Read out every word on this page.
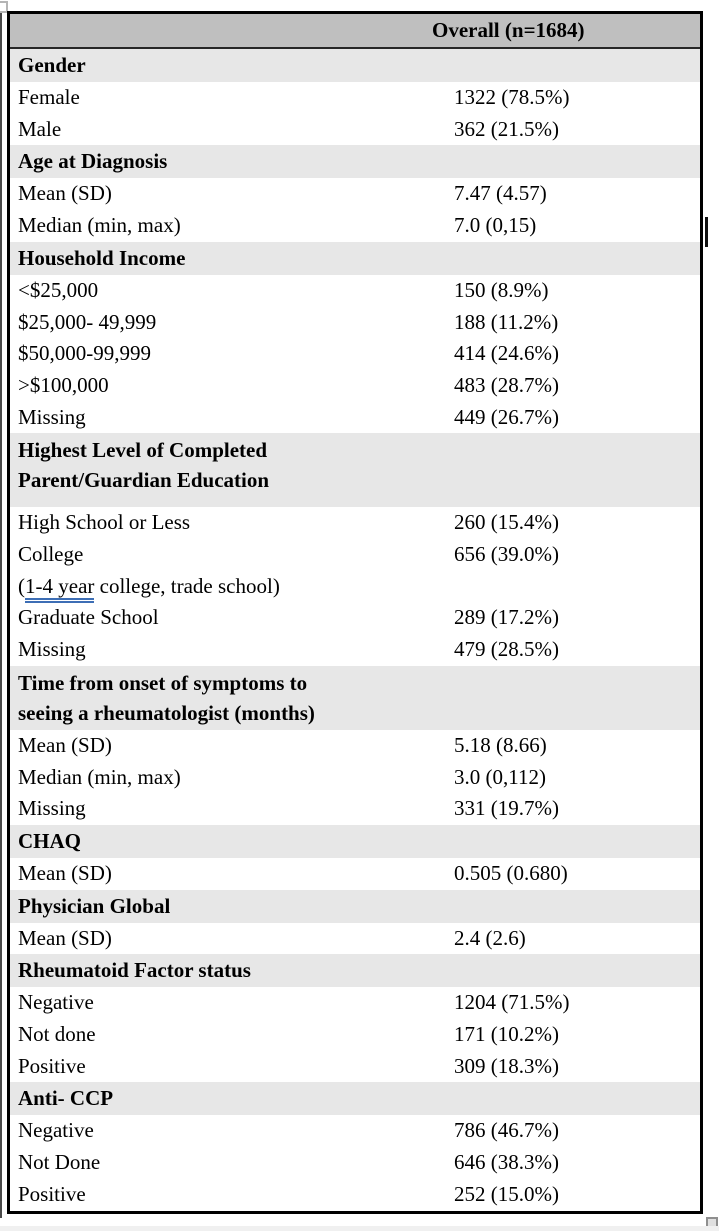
Overall (n=1684)
Gender
Female	1322 (78.5%)
Male	362 (21.5%)
Age at Diagnosis
Mean (SD)	7.47 (4.57)
Median (min, max)	7.0 (0,15)
Household Income
<$25,000	150 (8.9%)
$25,000- 49,999	188 (11.2%)
$50,000-99,999	414 (24.6%)
>$100,000	483 (28.7%)
Missing	449 (26.7%)
Highest Level of Completed
Parent/Guardian Education
High School or Less	260 (15.4%)
College	656 (39.0%)
(1-4 year college, trade school)
Graduate School	289 (17.2%)
Missing	479 (28.5%)
Time from onset of symptoms to
seeing a rheumatologist (months)
Mean (SD)	5.18 (8.66)
Median (min, max)	3.0 (0,112)
Missing	331 (19.7%)
CHAQ
Mean (SD)	0.505 (0.680)
Physician Global
Mean (SD)	2.4 (2.6)
Rheumatoid Factor status
Negative	1204 (71.5%)
Not done	171 (10.2%)
Positive	309 (18.3%)
Anti- CCP
Negative	786 (46.7%)
Not Done	646 (38.3%)
Positive	252 (15.0%)
